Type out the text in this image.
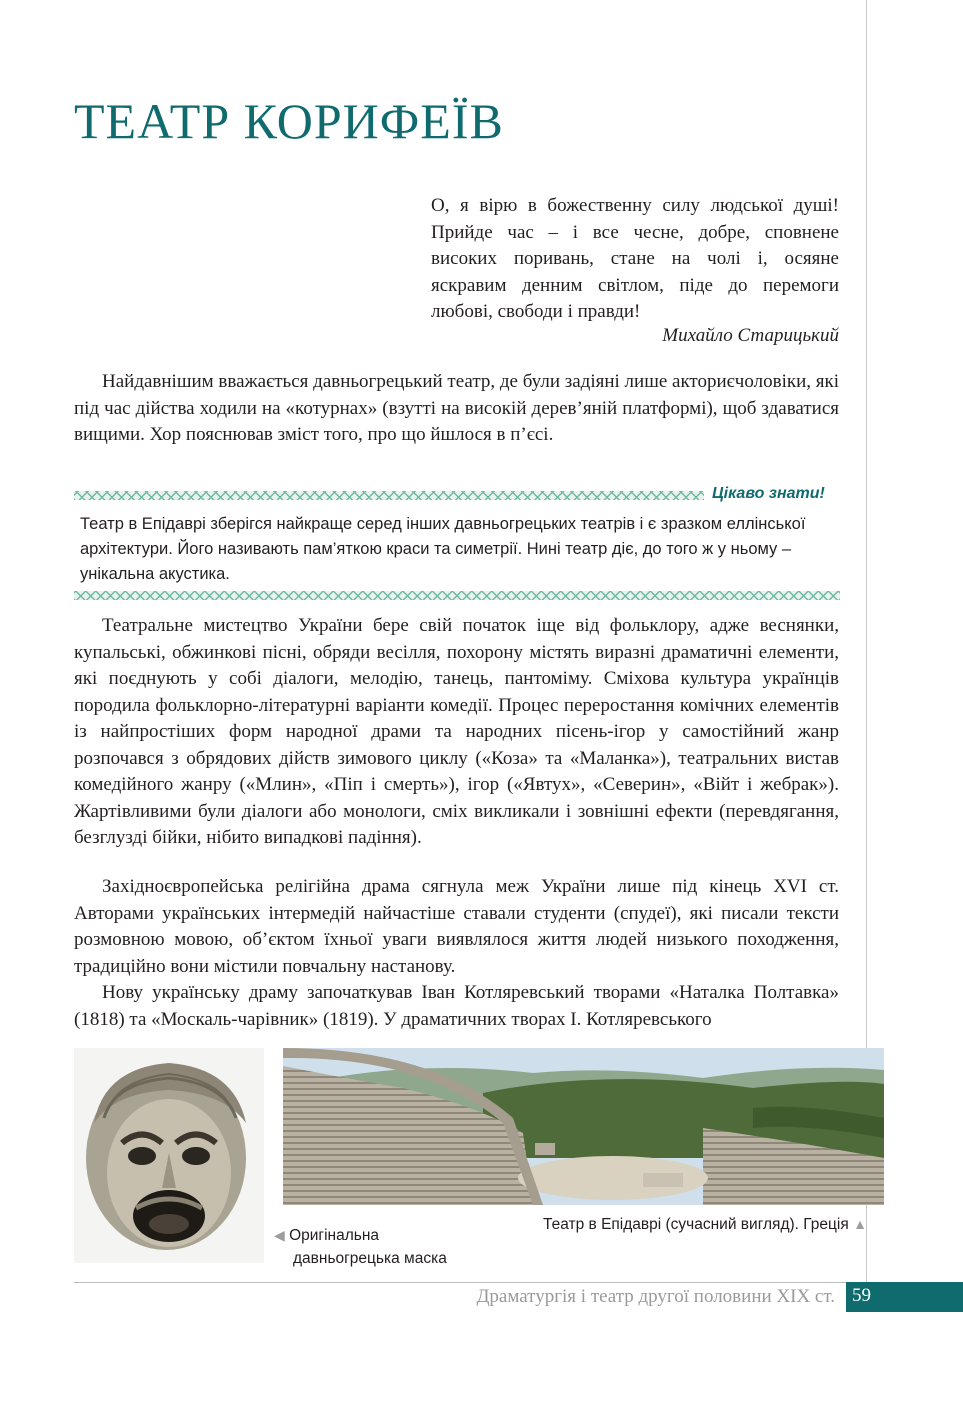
ТЕАТР КОРИФЕЇВ
О, я вірю в божественну силу людської душі! Прийде час – і все чесне, добре, сповнене високих поривань, стане на чолі і, осяяне яскравим денним світлом, піде до перемоги любові, свободи і правди!
Михайло Старицький

Найдавнішим вважається давньогрецький театр, де були задіяні лише акториєчоловіки, які під час дійства ходили на «котурнах» (взутті на високій дерев’яній платформі), щоб здаватися вищими. Хор пояснював зміст того, про що йшлося в п’єсі.

Цікаво знати!
Театр в Епідаврі зберігся найкраще серед інших давньогрецьких театрів і є зразком еллінської архітектури. Його називають пам’яткою краси та симетрії. Нині театр діє, до того ж у ньому – унікальна акустика.

Театральне мистецтво України бере свій початок іще від фольклору, адже веснянки, купальські, обжинкові пісні, обряди весілля, похорону містять виразні драматичні елементи, які поєднують у собі діалоги, мелодію, танець, пантоміму. Сміхова культура українців породила фольклорно-літературні варіанти комедії. Процес переростання комічних елементів із найпростіших форм народної драми та народних пісень-ігор у самостійний жанр розпочався з обрядових дійств зимового циклу («Коза» та «Маланка»), театральних вистав комедійного жанру («Млин», «Піп і смерть»), ігор («Явтух», «Северин», «Війт і жебрак»). Жартівливими були діалоги або монологи, сміх викликали і зовнішні ефекти (перевдягання, безглузді бійки, нібито випадкові падіння).

Західноєвропейська релігійна драма сягнула меж України лише під кінець XVI ст. Авторами українських інтермедій найчастіше ставали студенти (спудеї), які писали тексти розмовною мовою, об’єктом їхньої уваги виявлялося життя людей низького походження, традиційно вони містили повчальну настанову.

Нову українську драму започаткував Іван Котляревський творами «Наталка Полтавка» (1818) та «Москаль-чарівник» (1819). У драматичних творах І. Котляревського

◀ Оригінальна
давньогрецька маска
Театр в Епідаврі (сучасний вигляд). Греція ▲
Драматургія і театр другої половини XIX ст. 59
